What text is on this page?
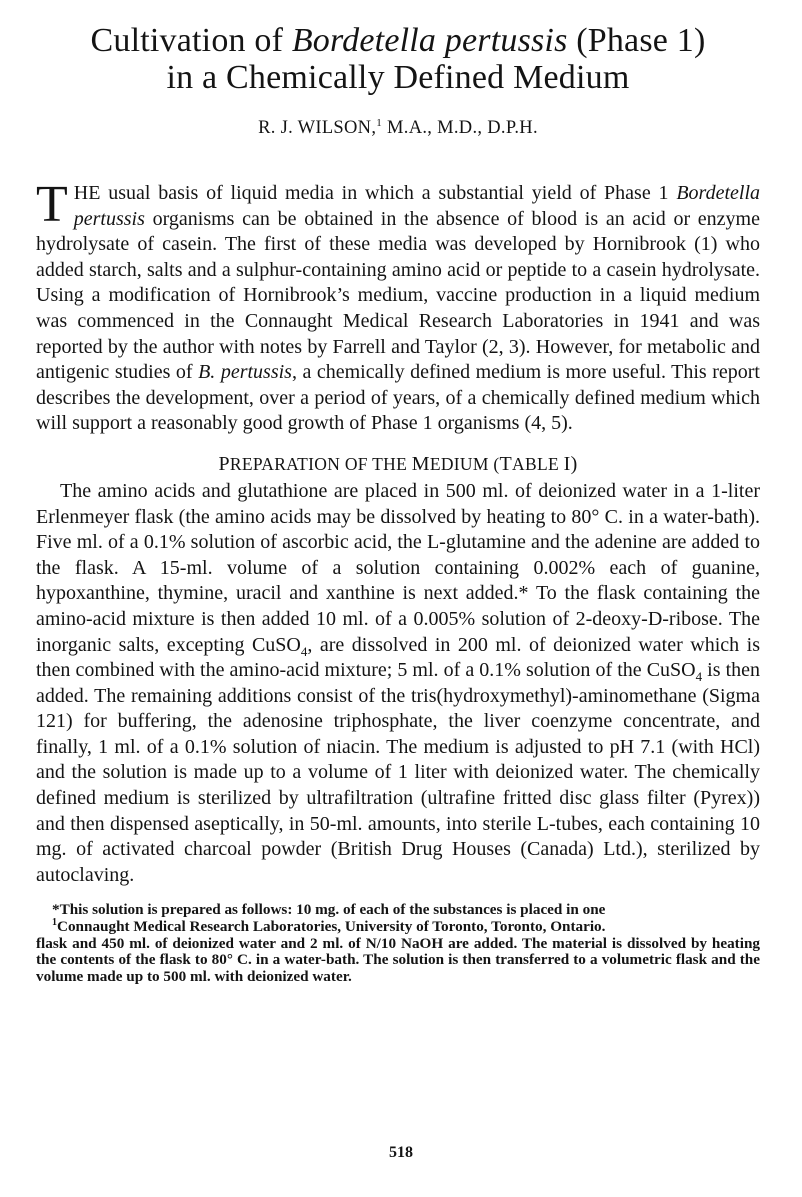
Cultivation of Bordetella pertussis (Phase 1)
in a Chemically Defined Medium
R. J. WILSON,$^1$ M.A., M.D., D.P.H.

THE usual basis of liquid media in which a substantial yield of Phase 1 Bordetella pertussis organisms can be obtained in the absence of blood is an acid or enzyme hydrolysate of casein. The first of these media was developed by Hornibrook (1) who added starch, salts and a sulphur-containing amino acid or peptide to a casein hydrolysate. Using a modification of Hornibrook’s medium, vaccine production in a liquid medium was commenced in the Connaught Medical Research Laboratories in 1941 and was reported by the author with notes by Farrell and Taylor (2, 3). However, for metabolic and antigenic studies of B. pertussis, a chemically defined medium is more useful. This report describes the development, over a period of years, of a chemically defined medium which will support a reasonably good growth of Phase 1 organisms (4, 5).

PREPARATION OF THE MEDIUM (TABLE I)

The amino acids and glutathione are placed in 500 ml. of deionized water in a 1-liter Erlenmeyer flask (the amino acids may be dissolved by heating to 80° C. in a water-bath). Five ml. of a 0.1% solution of ascorbic acid, the L-glutamine and the adenine are added to the flask. A 15-ml. volume of a solution containing 0.002% each of guanine, hypoxanthine, thymine, uracil and xanthine is next added.* To the flask containing the amino-acid mixture is then added 10 ml. of a 0.005% solution of 2-deoxy-D-ribose. The inorganic salts, excepting CuSO$_4$, are dissolved in 200 ml. of deionized water which is then combined with the amino-acid mixture; 5 ml. of a 0.1% solution of the CuSO$_4$ is then added. The remaining additions consist of the tris(hydroxymethyl)-aminomethane (Sigma 121) for buffering, the adenosine triphosphate, the liver coenzyme concentrate, and finally, 1 ml. of a 0.1% solution of niacin. The medium is adjusted to pH 7.1 (with HCl) and the solution is made up to a volume of 1 liter with deionized water. The chemically defined medium is sterilized by ultrafiltration (ultrafine fritted disc glass filter (Pyrex)) and then dispensed aseptically, in 50-ml. amounts, into sterile L-tubes, each containing 10 mg. of activated charcoal powder (British Drug Houses (Canada) Ltd.), sterilized by autoclaving.

*This solution is prepared as follows: 10 mg. of each of the substances is placed in one

$^1$Connaught Medical Research Laboratories, University of Toronto, Toronto, Ontario.

flask and 450 ml. of deionized water and 2 ml. of N/10 NaOH are added. The material is dissolved by heating the contents of the flask to 80° C. in a water-bath. The solution is then transferred to a volumetric flask and the volume made up to 500 ml. with deionized water.

518
